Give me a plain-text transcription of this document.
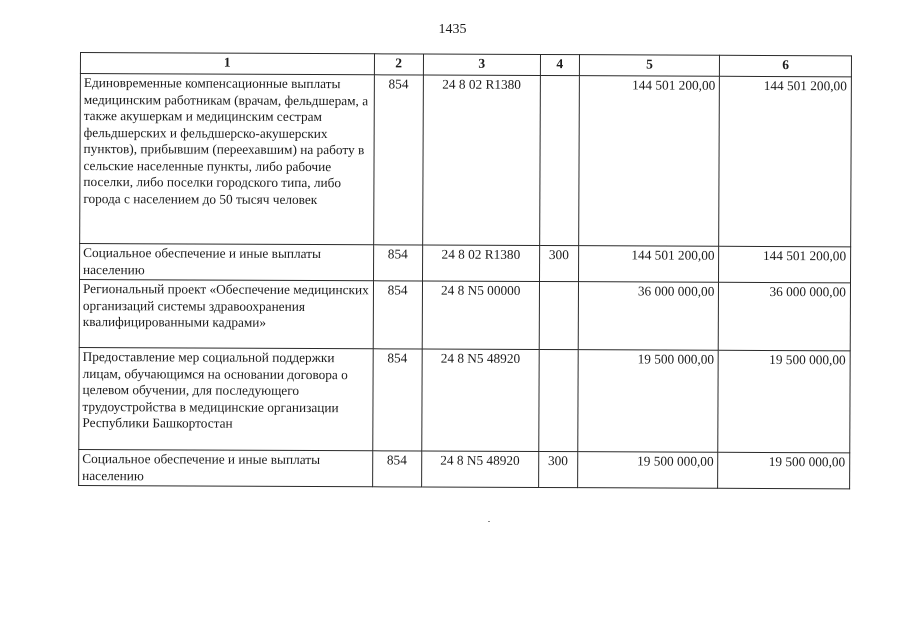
1435
1	2	3	4	5	6
Единовременные компенсационные выплаты медицинским работникам (врачам, фельдшерам, а также акушеркам и медицинским сестрам фельдшерских и фельдшерско-акушерских пунктов), прибывшим (переехавшим) на работу в сельские населенные пункты, либо рабочие поселки, либо поселки городского типа, либо города с населением до 50 тысяч человек	854	24 8 02 R1380		144 501 200,00	144 501 200,00
Социальное обеспечение и иные выплаты населению	854	24 8 02 R1380	300	144 501 200,00	144 501 200,00
Региональный проект «Обеспечение медицинских организаций системы здравоохранения квалифицированными кадрами»	854	24 8 N5 00000		36 000 000,00	36 000 000,00
Предоставление мер социальной поддержки лицам, обучающимся на основании договора о целевом обучении, для последующего трудоустройства в медицинские организации Республики Башкортостан	854	24 8 N5 48920		19 500 000,00	19 500 000,00
Социальное обеспечение и иные выплаты населению	854	24 8 N5 48920	300	19 500 000,00	19 500 000,00
